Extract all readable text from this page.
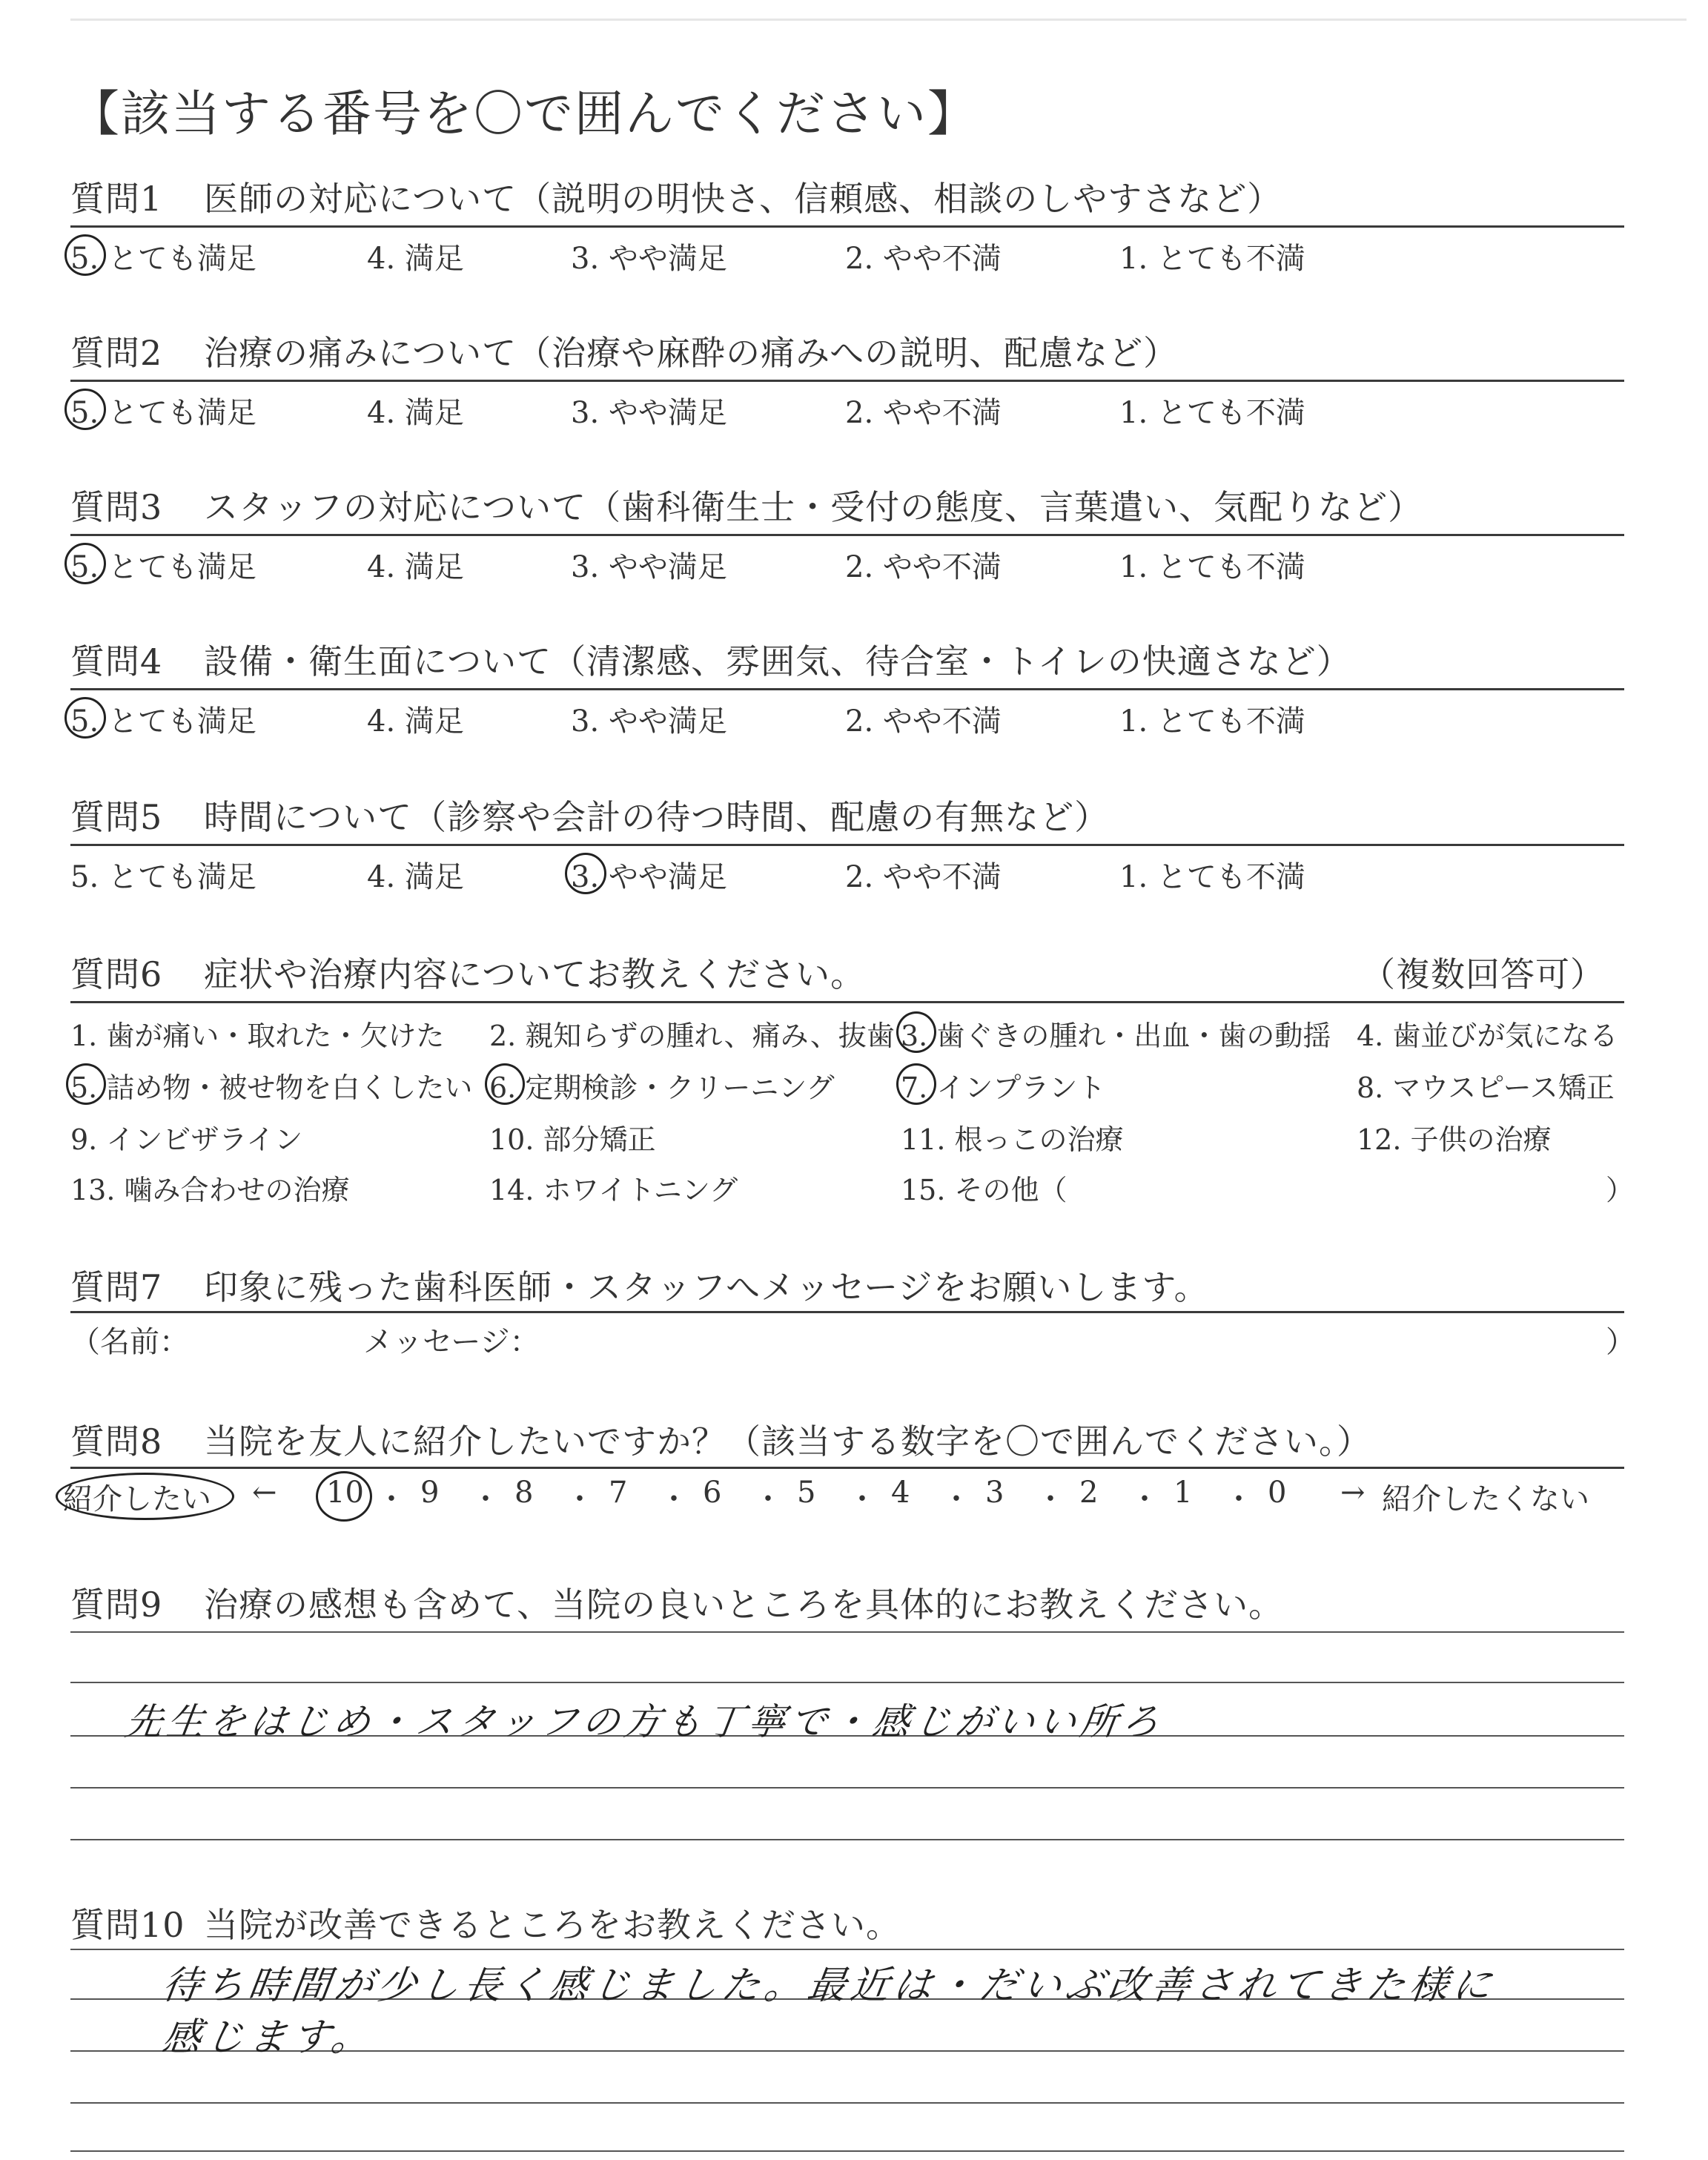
【該当する番号を〇で囲んでください】
質問1 医師の対応について（説明の明快さ、信頼感、相談のしやすさなど）
5. とても満足	4. 満足	3. やや満足	2. やや不満	1. とても不満
質問2 治療の痛みについて（治療や麻酔の痛みへの説明、配慮など）
5. とても満足	4. 満足	3. やや満足	2. やや不満	1. とても不満
質問3 スタッフの対応について（歯科衛生士・受付の態度、言葉遣い、気配りなど）
5. とても満足	4. 満足	3. やや満足	2. やや不満	1. とても不満
質問4 設備・衛生面について（清潔感、雰囲気、待合室・トイレの快適さなど）
5. とても満足	4. 満足	3. やや満足	2. やや不満	1. とても不満
質問5 時間について（診察や会計の待つ時間、配慮の有無など）
5. とても満足	4. 満足	3. やや満足	2. やや不満	1. とても不満
質問6 症状や治療内容についてお教えください。	（複数回答可）
1. 歯が痛い・取れた・欠けた 2. 親知らずの腫れ、痛み、抜歯 3. 歯ぐきの腫れ・出血・歯の動揺 4. 歯並びが気になる
5. 詰め物・被せ物を白くしたい 6. 定期検診・クリーニング 7. インプラント	8. マウスピース矯正
9. インビザライン	10. 部分矯正	11. 根っこの治療	12. 子供の治療
13. 噛み合わせの治療	14. ホワイトニング	15. その他（	）
質問7 印象に残った歯科医師・スタッフへメッセージをお願いします。
（名前：	メッセージ：	）
質問8 当院を友人に紹介したいですか？（該当する数字を〇で囲んでください。）
紹介したい ← 10 ・ 9 ・ 8 ・ 7 ・ 6 ・ 5 ・ 4 ・ 3 ・ 2 ・ 1 ・ 0 → 紹介したくない
質問9 治療の感想も含めて、当院の良いところを具体的にお教えください。
先生をはじめ・スタッフの方も丁寧で・感じがいい所ろ
質問10 当院が改善できるところをお教えください。
待ち時間が少し長く感じました。最近は・だいぶ改善されてきた様に
感じます。
